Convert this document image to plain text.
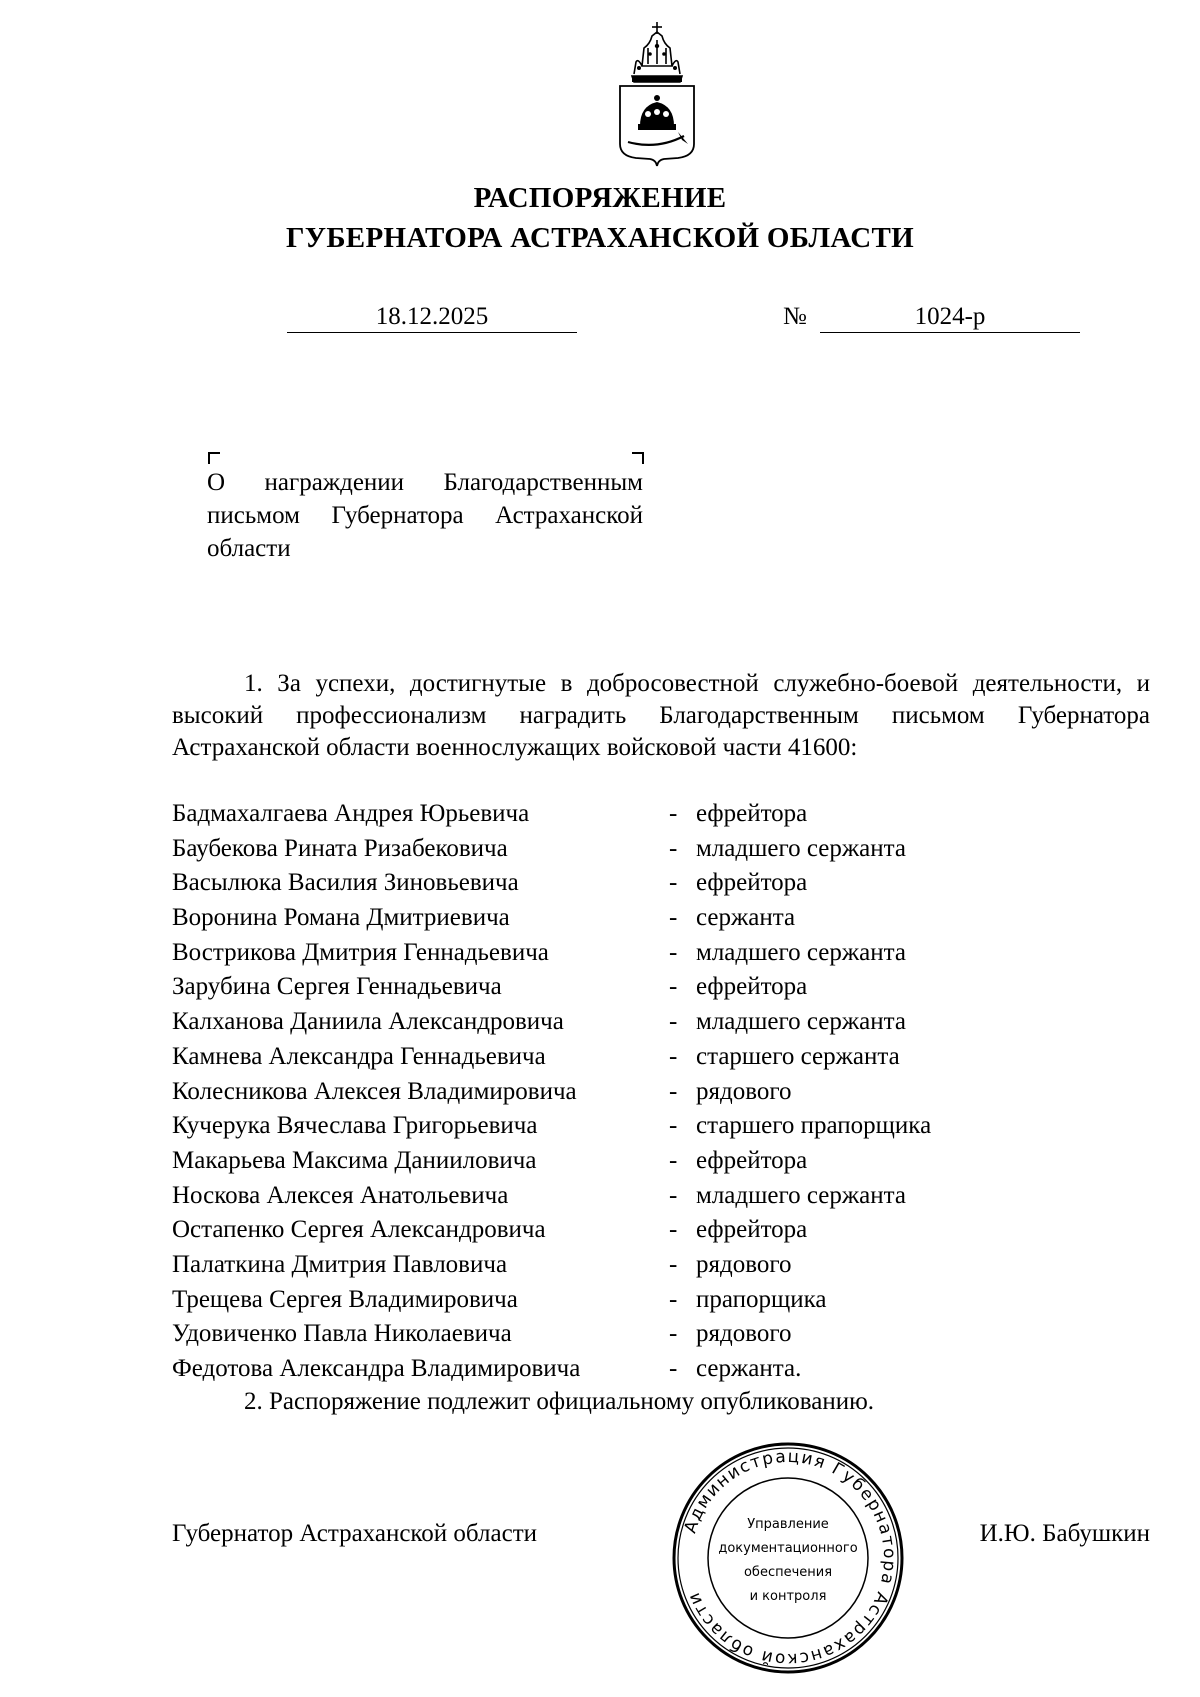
РАСПОРЯЖЕНИЕ
ГУБЕРНАТОРА АСТРАХАНСКОЙ ОБЛАСТИ
18.12.2025	№	1024-р
О награждении Благодарственным письмом Губернатора Астраханской области
1. За успехи, достигнутые в добросовестной служебно-боевой деятельности, и высокий профессионализм наградить Благодарственным письмом Губернатора Астраханской области военнослужащих войсковой части 41600:
Бадмахалгаева Андрея Юрьевича	- ефрейтора
Баубекова Рината Ризабековича	- младшего сержанта
Васылюка Василия Зиновьевича	- ефрейтора
Воронина Романа Дмитриевича	- сержанта
Вострикова Дмитрия Геннадьевича	- младшего сержанта
Зарубина Сергея Геннадьевича	- ефрейтора
Калханова Даниила Александровича	- младшего сержанта
Камнева Александра Геннадьевича	- старшего сержанта
Колесникова Алексея Владимировича	- рядового
Кучерука Вячеслава Григорьевича	- старшего прапорщика
Макарьева Максима Данииловича	- ефрейтора
Носкова Алексея Анатольевича	- младшего сержанта
Остапенко Сергея Александровича	- ефрейтора
Палаткина Дмитрия Павловича	- рядового
Трещева Сергея Владимировича	- прапорщика
Удовиченко Павла Николаевича	- рядового
Федотова Александра Владимировича	- сержанта.
2. Распоряжение подлежит официальному опубликованию.
Губернатор Астраханской области	И.Ю. Бабушкин
Администрация Губернатора Астраханской области
Управление
документационного
обеспечения
и контроля
